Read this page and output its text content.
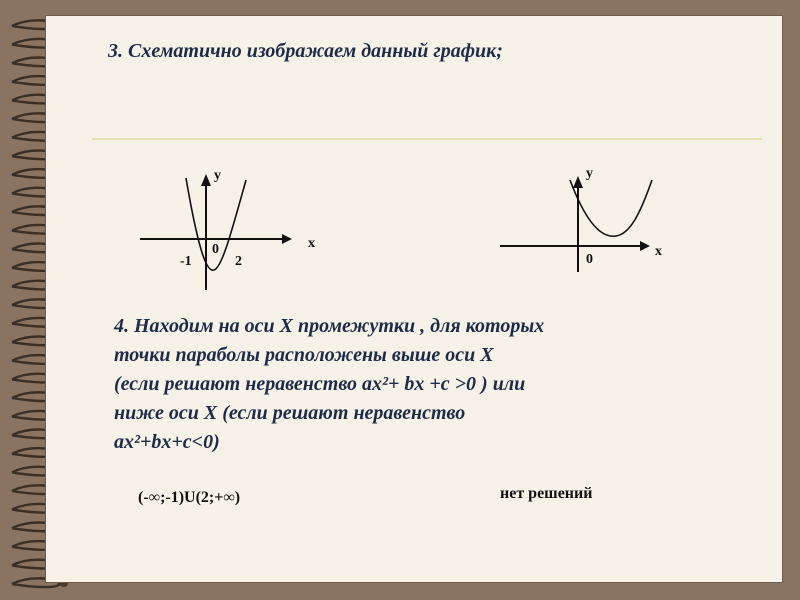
3. Схематично изображаем данный график;
y
x
0
-1	2
y
x
0
4. Находим на оси Х промежутки , для которых
точки параболы расположены выше оси Х
(если решают неравенство ax²+ bx +c >0 ) или
ниже оси Х (если решают неравенство
ax²+bx+c<0)
(-∞;-1)U(2;+∞)	нет решений
